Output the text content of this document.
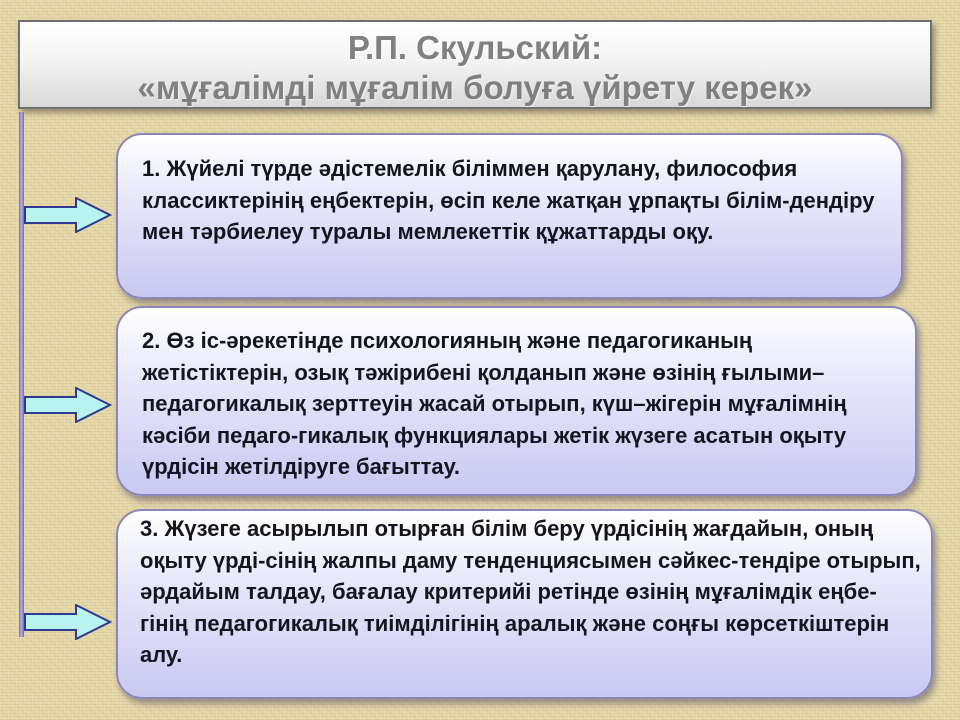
Р.П. Скульский:
«мұғалімді мұғалім болуға үйрету керек»
1. Жүйелі түрде әдістемелік біліммен қарулану, философия классиктерінің еңбектерін, өсіп келе жатқан ұрпақты білім-дендіру мен тәрбиелеу туралы мемлекеттік құжаттарды оқу.
2. Өз іс-әрекетінде психологияның және педагогиканың жетістіктерін, озық тәжірибені қолданып және өзінің ғылыми–педагогикалық зерттеуін жасай отырып, күш–жігерін мұғалімнің кәсіби педаго-гикалық функциялары жетік жүзеге асатын оқыту үрдісін жетілдіруге бағыттау.
3. Жүзеге асырылып отырған білім беру үрдісінің жағдайын, оның оқыту үрді-сінің жалпы даму тенденциясымен сәйкес-тендіре отырып, әрдайым талдау, бағалау критерийі ретінде өзінің мұғалімдік еңбе-гінің педагогикалық тиімділігінің аралық және соңғы көрсеткіштерін алу.
